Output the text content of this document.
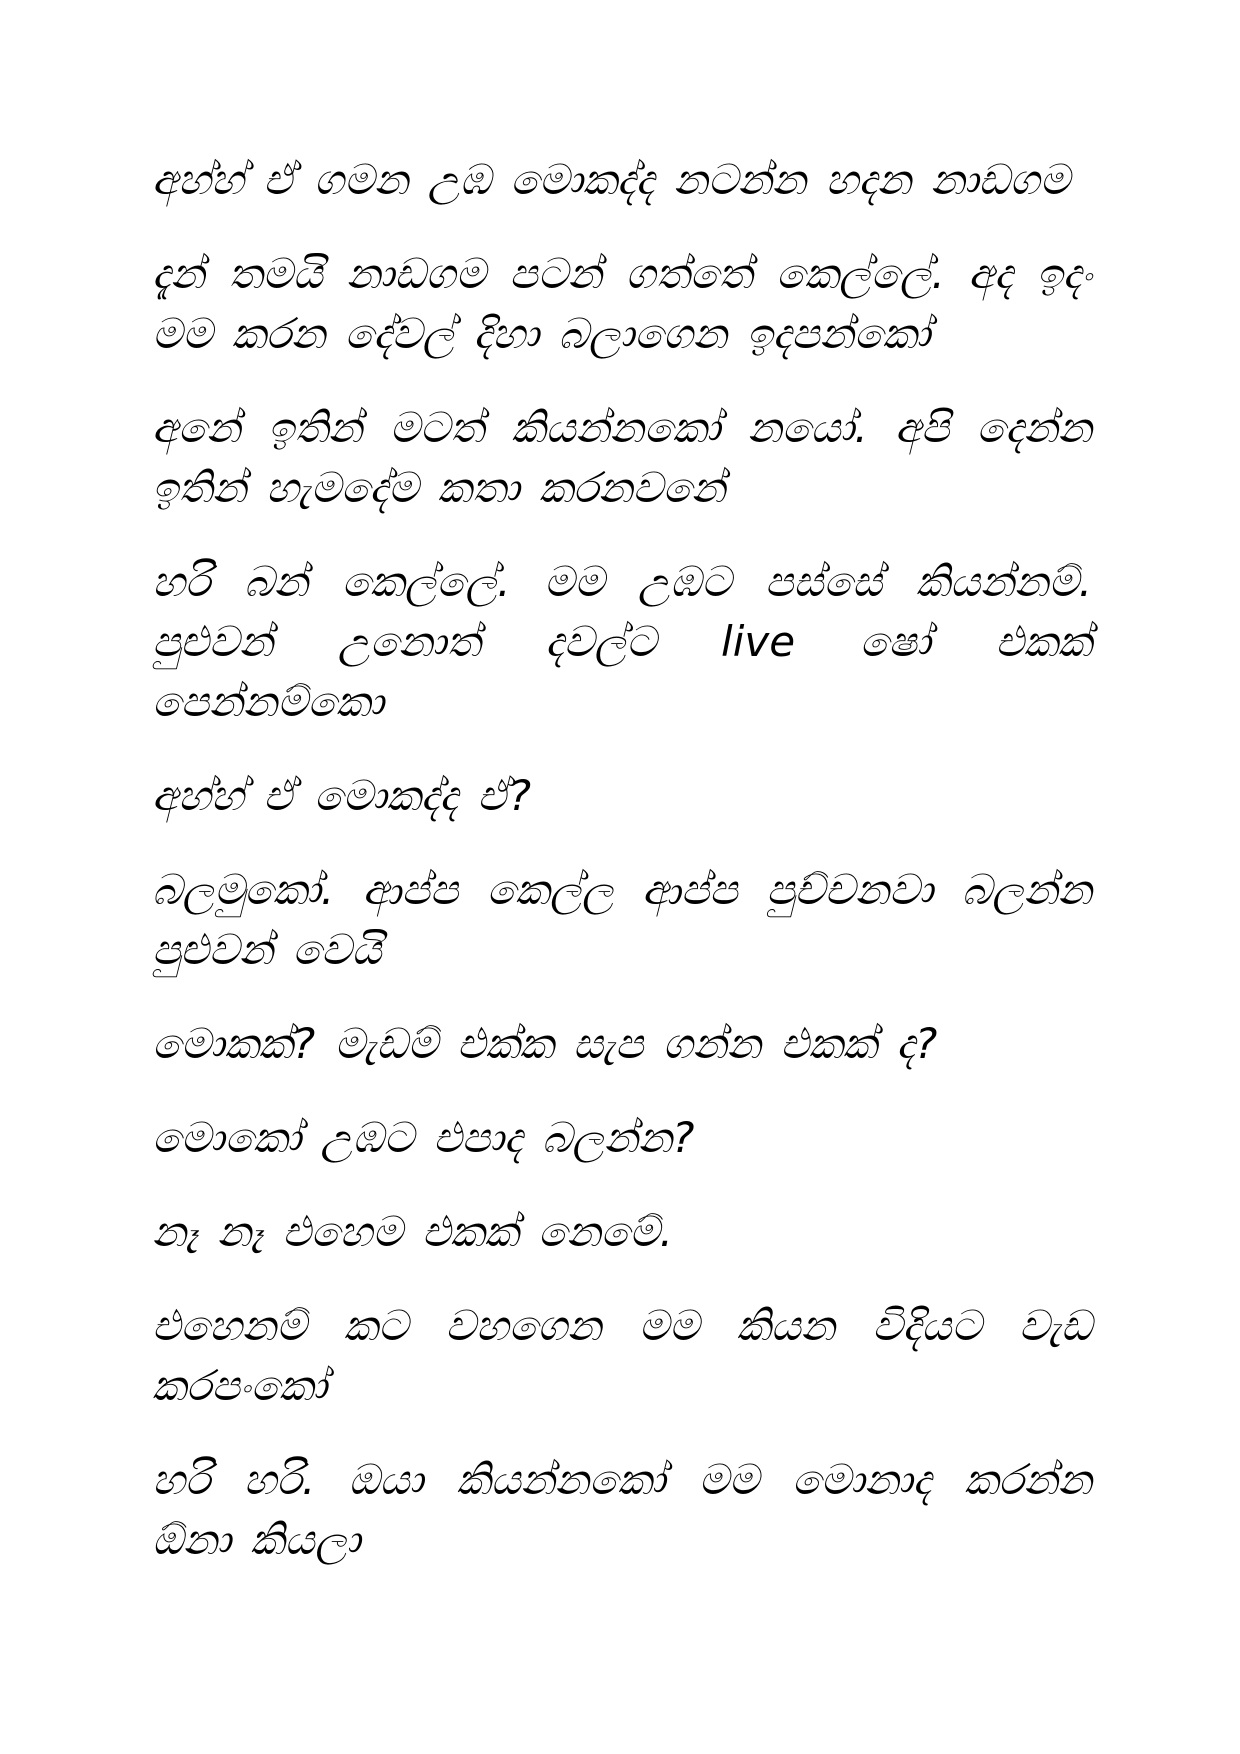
අහ්හ් ඒ ගමන උඹ මොකද්ද නටන්න හදන නාඩගම

දැන් තමයි නාඩගම පටන් ගත්තේ කෙල්ලේ. අද ඉදං මම කරන දේවල් දිහා බලාගෙන ඉදපන්කෝ

අනේ ඉතින් මටත් කියන්නකෝ නයෝ. අපි දෙන්න ඉතින් හැමදේම කතා කරනවනේ

හරි බන් කෙල්ලේ. මම උඹට පස්සේ කියන්නම්. පුළුවන් උනොත් දවල්ට live ෂෝ එකක් පෙන්නම්කො

අහ්හ් ඒ මොකද්ද ඒ?

බලමුකෝ. ආප්ප කෙල්ල ආප්ප පුච්චනවා බලන්න පුළුවන් වෙයි

මොකක්? මැඩම් එක්ක සැප ගන්න එකක් ද?

මොකෝ උඹට එපාද බලන්න?

නෑ නෑ එහෙම එකක් නෙමේ.

එහෙනම් කට වහගෙන මම කියන විදියට වැඩ කරපංකෝ

හරි හරි. ඔයා කියන්නකෝ මම මොනාද කරන්න ඕනා කියලා
